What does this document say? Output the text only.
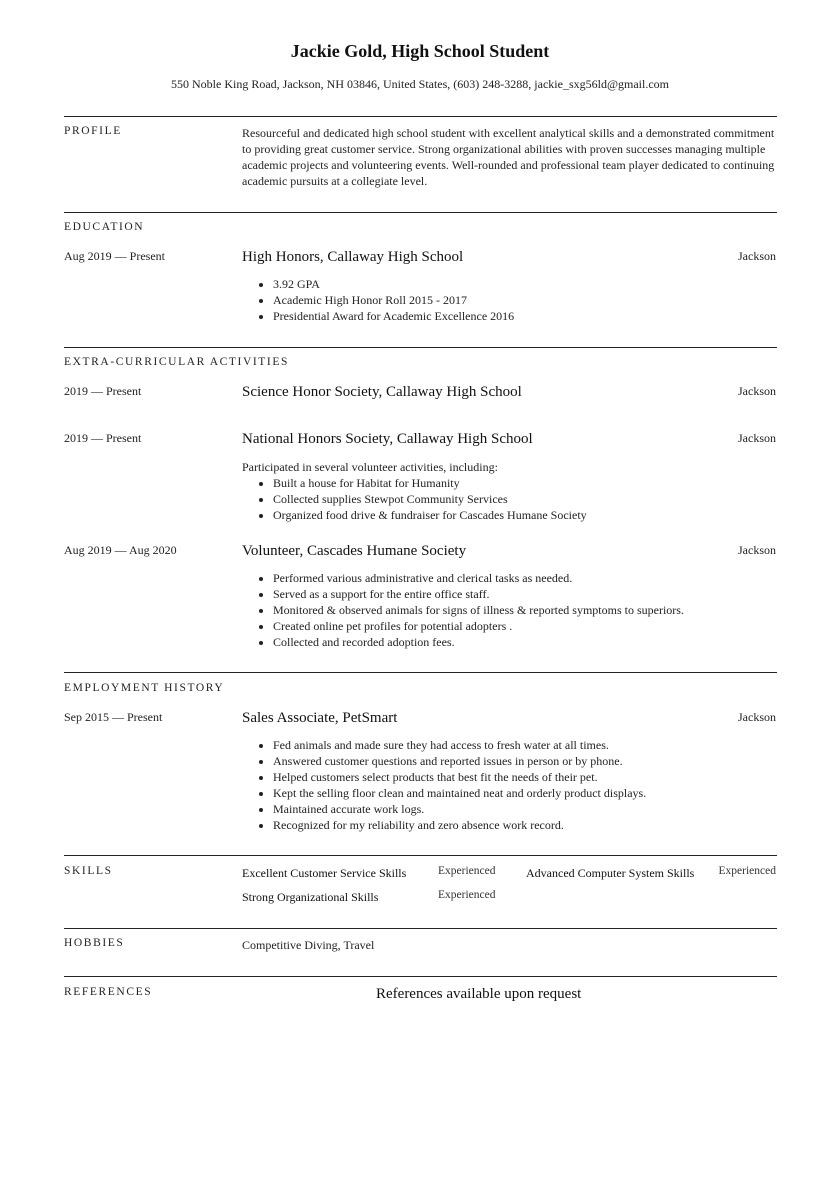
Jackie Gold, High School Student
550 Noble King Road, Jackson, NH 03846, United States, (603) 248-3288, jackie_sxg56ld@gmail.com
PROFILE	Resourceful and dedicated high school student with excellent analytical skills and a demonstrated commitment to providing great customer service. Strong organizational abilities with proven successes managing multiple academic projects and volunteering events. Well-rounded and professional team player dedicated to continuing academic pursuits at a collegiate level.

EDUCATION
Aug 2019 — Present	High Honors, Callaway High School	Jackson
• 3.92 GPA
• Academic High Honor Roll 2015 - 2017
• Presidential Award for Academic Excellence 2016
EXTRA-CURRICULAR ACTIVITIES
2019 — Present	Science Honor Society, Callaway High School	Jackson
2019 — Present	National Honors Society, Callaway High School	Jackson
Participated in several volunteer activities, including:
• Built a house for Habitat for Humanity
• Collected supplies Stewpot Community Services
• Organized food drive & fundraiser for Cascades Humane Society
Aug 2019 — Aug 2020	Volunteer, Cascades Humane Society	Jackson
• Performed various administrative and clerical tasks as needed.
• Served as a support for the entire office staff.
• Monitored & observed animals for signs of illness & reported symptoms to superiors.
• Created online pet profiles for potential adopters .
• Collected and recorded adoption fees.
EMPLOYMENT HISTORY
Sep 2015 — Present	Sales Associate, PetSmart	Jackson
• Fed animals and made sure they had access to fresh water at all times.
• Answered customer questions and reported issues in person or by phone.
• Helped customers select products that best fit the needs of their pet.
• Kept the selling floor clean and maintained neat and orderly product displays.
• Maintained accurate work logs.
• Recognized for my reliability and zero absence work record.
SKILLS	Excellent Customer Service Skills	Experienced	Advanced Computer System Skills Experienced
Strong Organizational Skills	Experienced
HOBBIES	Competitive Diving, Travel
REFERENCES	References available upon request
